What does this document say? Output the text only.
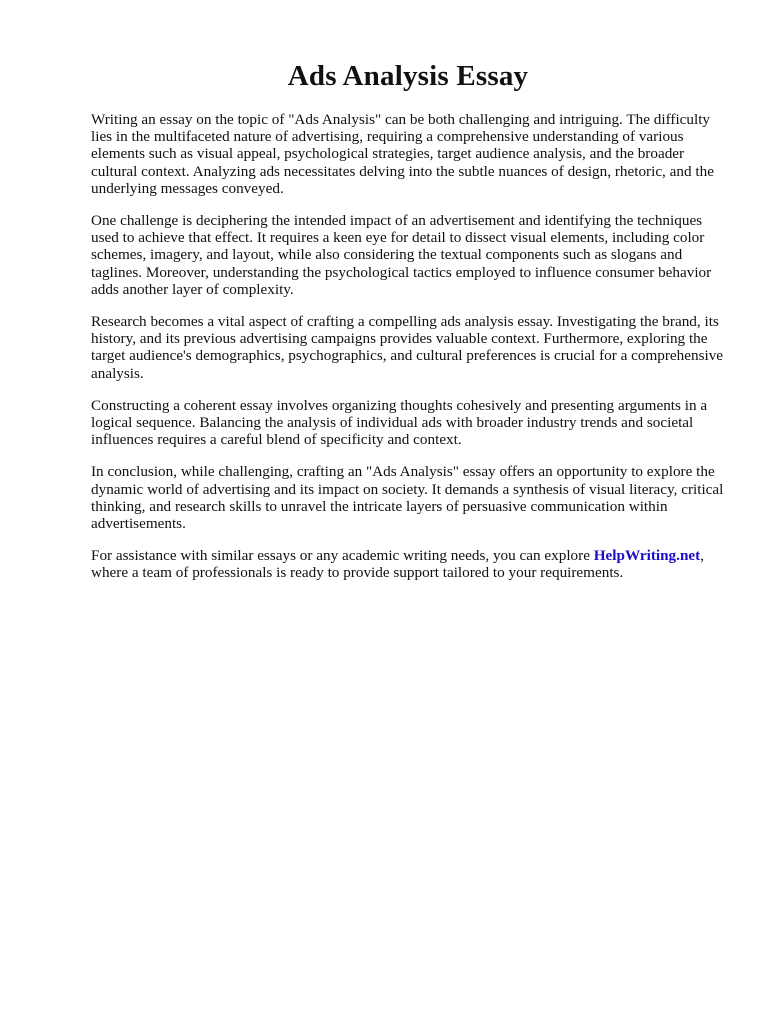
Ads Analysis Essay

Writing an essay on the topic of "Ads Analysis" can be both challenging and intriguing. The difficulty lies in the multifaceted nature of advertising, requiring a comprehensive understanding of various elements such as visual appeal, psychological strategies, target audience analysis, and the broader cultural context. Analyzing ads necessitates delving into the subtle nuances of design, rhetoric, and the underlying messages conveyed.

One challenge is deciphering the intended impact of an advertisement and identifying the techniques used to achieve that effect. It requires a keen eye for detail to dissect visual elements, including color schemes, imagery, and layout, while also considering the textual components such as slogans and taglines. Moreover, understanding the psychological tactics employed to influence consumer behavior adds another layer of complexity.

Research becomes a vital aspect of crafting a compelling ads analysis essay. Investigating the brand, its history, and its previous advertising campaigns provides valuable context. Furthermore, exploring the target audience's demographics, psychographics, and cultural preferences is crucial for a comprehensive analysis.

Constructing a coherent essay involves organizing thoughts cohesively and presenting arguments in a logical sequence. Balancing the analysis of individual ads with broader industry trends and societal influences requires a careful blend of specificity and context.

In conclusion, while challenging, crafting an "Ads Analysis" essay offers an opportunity to explore the dynamic world of advertising and its impact on society. It demands a synthesis of visual literacy, critical thinking, and research skills to unravel the intricate layers of persuasive communication within advertisements.

For assistance with similar essays or any academic writing needs, you can explore HelpWriting.net, where a team of professionals is ready to provide support tailored to your requirements.
